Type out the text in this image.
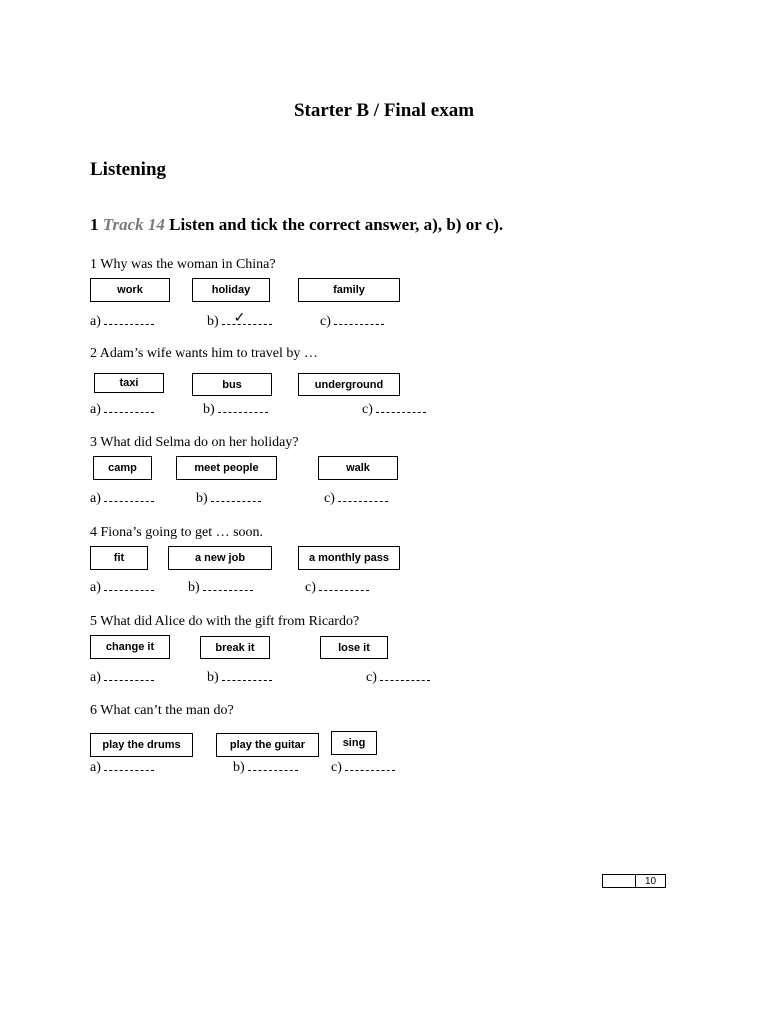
Starter B / Final exam
Listening
1 Track 14 Listen and tick the correct answer, a), b) or c).
1 Why was the woman in China?
work	holiday	family
a)	b) ✓	c)
2 Adam’s wife wants him to travel by …
taxi	bus	underground
a)	b)	c)
3 What did Selma do on her holiday?
camp	meet people	walk
a)	b)	c)
4 Fiona’s going to get … soon.
fit	a new job	a monthly pass
a)	b)	c)
5 What did Alice do with the gift from Ricardo?
change it	break it	lose it
a)	b)	c)
6 What can’t the man do?
play the drums	play the guitar	sing
a)	b)	c)
10
